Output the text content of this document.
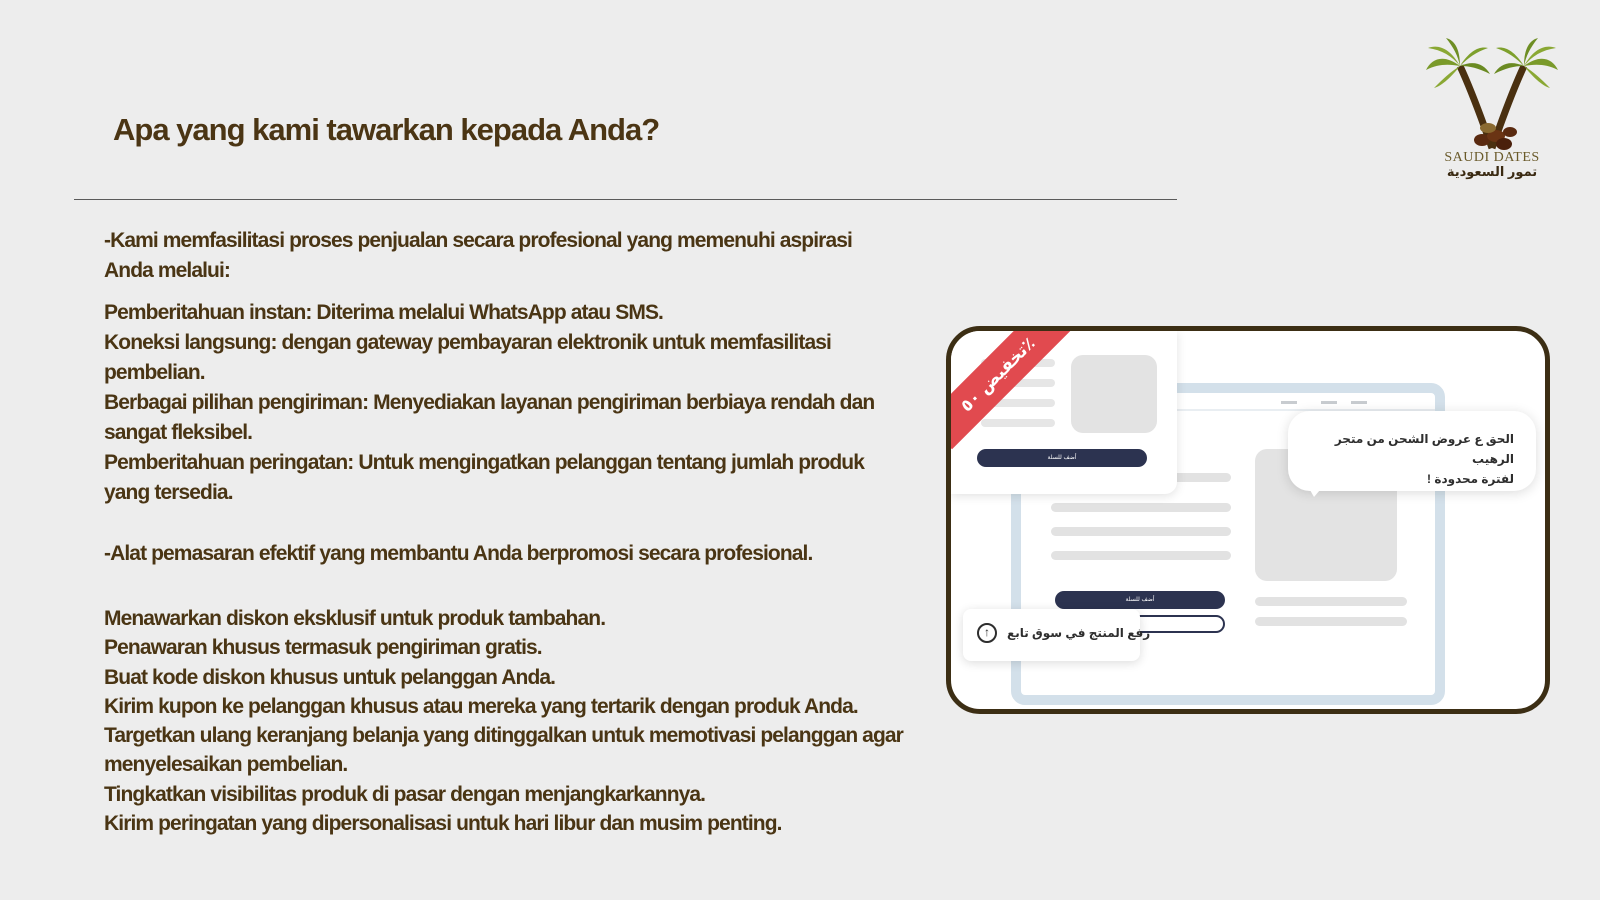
Apa yang kami tawarkan kepada Anda?
SAUDI DATES
تمور السعودية
-Kami memfasilitasi proses penjualan secara profesional yang memenuhi aspirasi Anda melalui:

Pemberitahuan instan: Diterima melalui WhatsApp atau SMS.

Koneksi langsung: dengan gateway pembayaran elektronik untuk memfasilitasi pembelian.

Berbagai pilihan pengiriman: Menyediakan layanan pengiriman berbiaya rendah dan sangat fleksibel.

Pemberitahuan peringatan: Untuk mengingatkan pelanggan tentang jumlah produk yang tersedia.

-Alat pemasaran efektif yang membantu Anda berpromosi secara profesional.

Menawarkan diskon eksklusif untuk produk tambahan.

Penawaran khusus termasuk pengiriman gratis.

Buat kode diskon khusus untuk pelanggan Anda.

Kirim kupon ke pelanggan khusus atau mereka yang tertarik dengan produk Anda.

Targetkan ulang keranjang belanja yang ditinggalkan untuk memotivasi pelanggan agar menyelesaikan pembelian.

Tingkatkan visibilitas produk di pasar dengan menjangkarkannya.

Kirim peringatan yang dipersonalisasi untuk hari libur dan musim penting.

أضف للسلة
أضف للسلة
تخفيض ٥٠٪
الحق ع عروض الشحن من متجر الرهيب
لفترة محدودة !
↑	رفع المنتج في سوق تابع
